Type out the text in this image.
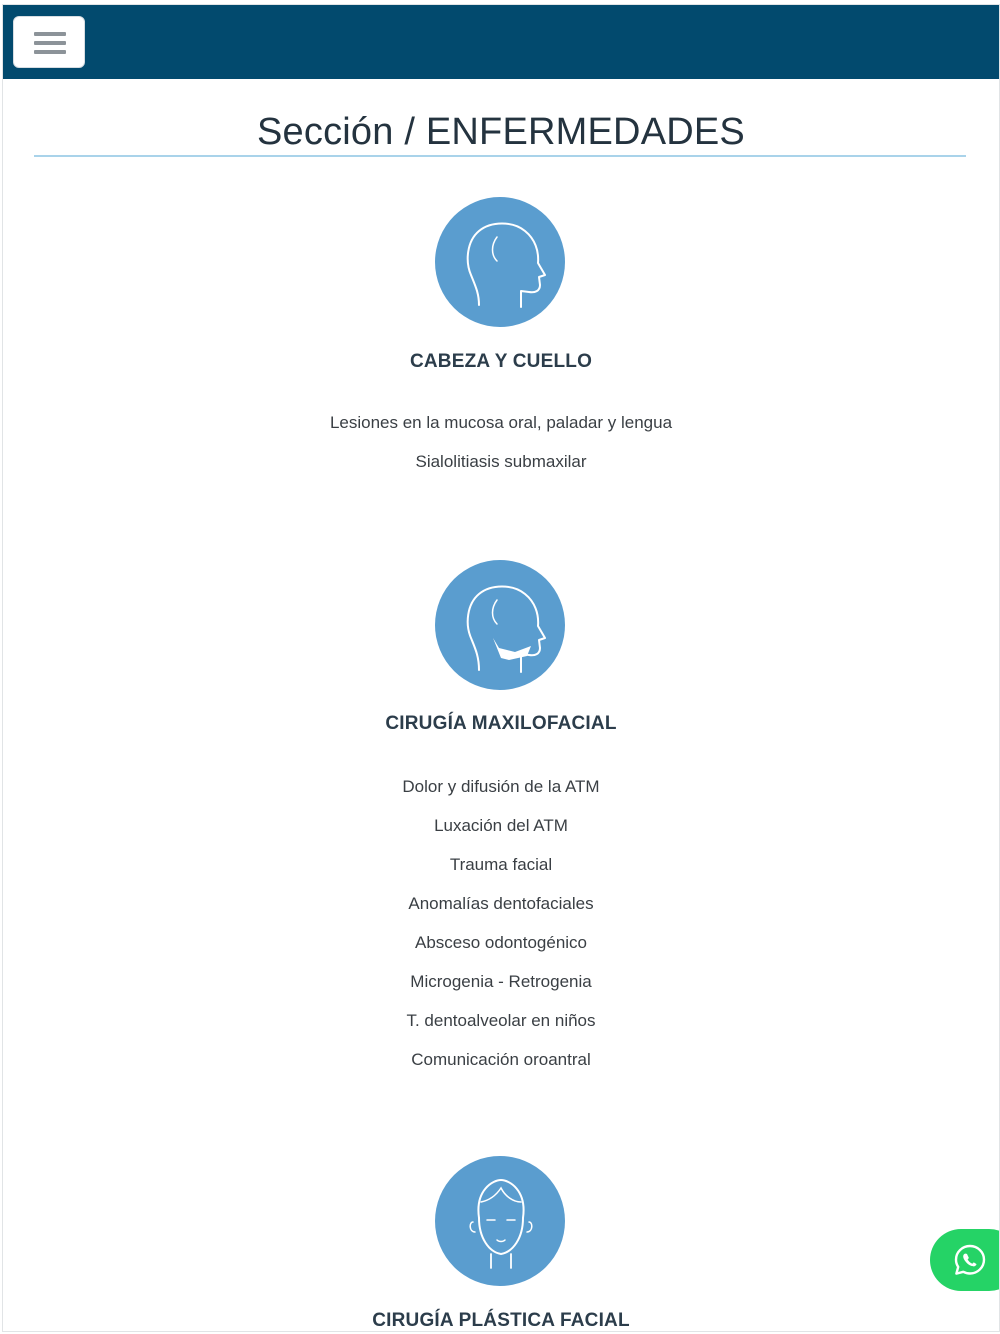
Sección / ENFERMEDADES
CABEZA Y CUELLO
Lesiones en la mucosa oral, paladar y lengua
Sialolitiasis submaxilar
CIRUGÍA MAXILOFACIAL
Dolor y difusión de la ATM
Luxación del ATM
Trauma facial
Anomalías dentofaciales
Absceso odontogénico
Microgenia - Retrogenia
T. dentoalveolar en niños
Comunicación oroantral
CIRUGÍA PLÁSTICA FACIAL
